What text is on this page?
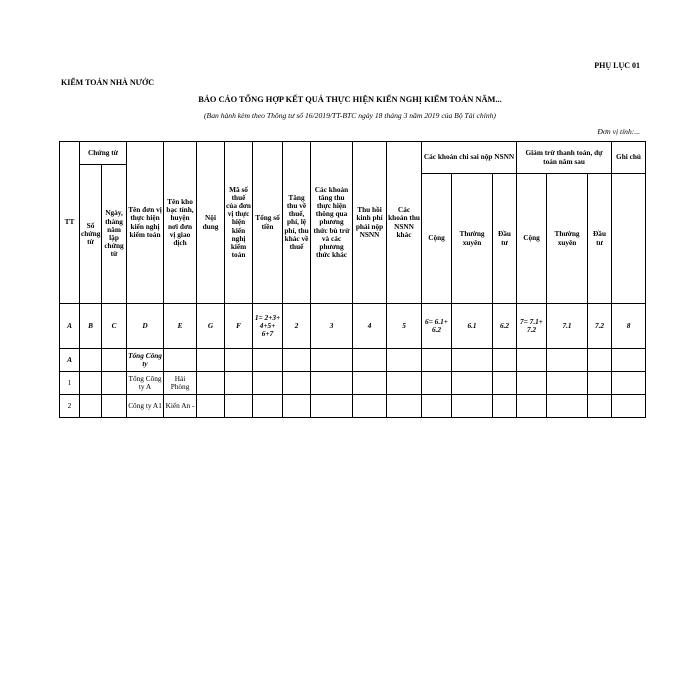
PHỤ LỤC 01
KIỂM TOÁN NHÀ NƯỚC
BÁO CÁO TỔNG HỢP KẾT QUẢ THỰC HIỆN KIẾN NGHỊ KIỂM TOÁN NĂM...
(Ban hành kèm theo Thông tư số 16/2019/TT-BTC ngày 18 tháng 3 năm 2019 của Bộ Tài chính)
Đơn vị tính:...
TT	Chứng từ		Tên đơn vị thực hiện kiến nghị kiểm toán	Tên kho bạc tỉnh, huyện nơi đơn vị giao dịch	Nội dung	Mã số thuế của đơn vị thực hiện kiến nghị kiểm toán	Tổng số tiền	Tăng thu về thuế, phí, lệ phí, thu khác về thuế	Các khoản tăng thu thực hiện thông qua phương thức bù trừ và các phương thức khác	Thu hồi kinh phí phải nộp NSNN	Các khoản thu NSNN khác	Các khoản chi sai nộp NSNN			Giảm trừ thanh toán, dự toán năm sau			Ghi chú
	Số chứng từ	Ngày, tháng năm lập chứng từ																
												Cộng	Thường xuyên	Đầu tư	Cộng	Thường xuyên	Đầu tư	
A	B	C	D	E	G	F	1= 2+3+ 4+5+ 6+7	2	3	4	5	6= 6.1+ 6.2	6.1	6.2	7= 7.1+ 7.2	7.1	7.2	8
A			Tổng Công ty															
1			Tổng Công ty A	Hải Phòng														
2			Công ty A1	Kiến An -														
